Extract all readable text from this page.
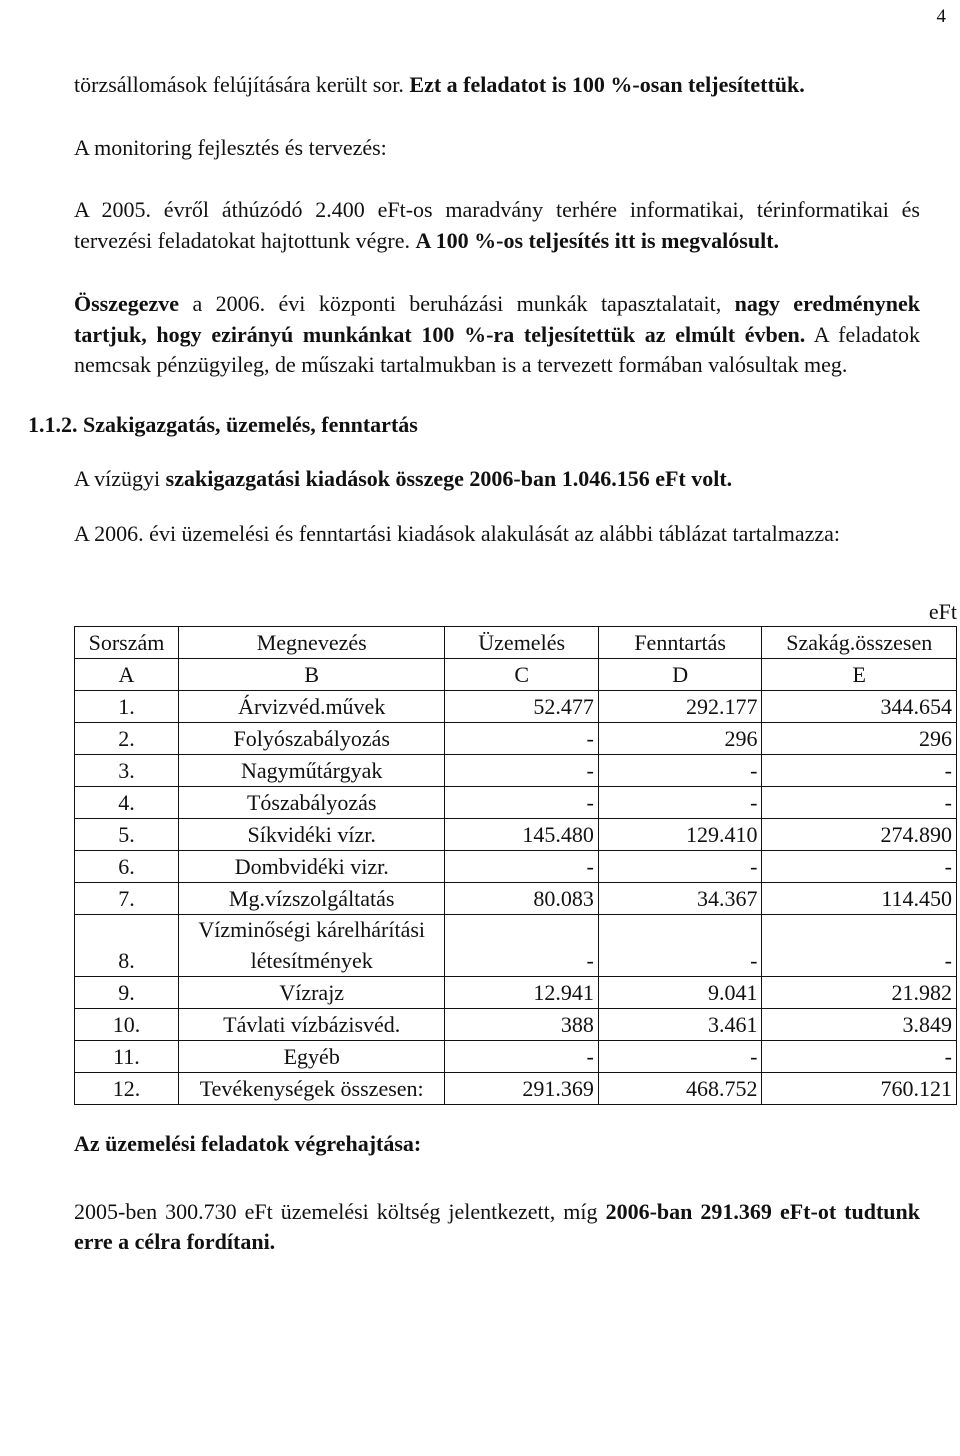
4

törzsállomások felújítására került sor. Ezt a feladatot is 100 %-osan teljesítettük.

A monitoring fejlesztés és tervezés:

A 2005. évről áthúzódó 2.400 eFt-os maradvány terhére informatikai, térinformatikai és tervezési feladatokat hajtottunk végre. A 100 %-os teljesítés itt is megvalósult.

Összegezve a 2006. évi központi beruházási munkák tapasztalatait, nagy eredménynek tartjuk, hogy ezirányú munkánkat 100 %-ra teljesítettük az elmúlt évben. A feladatok nemcsak pénzügyileg, de műszaki tartalmukban is a tervezett formában valósultak meg.

1.1.2. Szakigazgatás, üzemelés, fenntartás

A vízügyi szakigazgatási kiadások összege 2006-ban 1.046.156 eFt volt.

A 2006. évi üzemelési és fenntartási kiadások alakulását az alábbi táblázat tartalmazza:

eFt
Sorszám	Megnevezés	Üzemelés	Fenntartás	Szakág.összesen
A	B	C	D	E
1.	Árvizvéd.művek	52.477	292.177	344.654
2.	Folyószabályozás	-	296	296
3.	Nagyműtárgyak	-	-	-
4.	Tószabályozás	-	-	-
5.	Síkvidéki vízr.	145.480	129.410	274.890
6.	Dombvidéki vizr.	-	-	-
7.	Mg.vízszolgáltatás	80.083	34.367	114.450
8.	Vízminőségi kárelhárítási létesítmények	-	-	-
9.	Vízrajz	12.941	9.041	21.982
10.	Távlati vízbázisvéd.	388	3.461	3.849
11.	Egyéb	-	-	-
12.	Tevékenységek összesen:	291.369	468.752	760.121

Az üzemelési feladatok végrehajtása:

2005-ben 300.730 eFt üzemelési költség jelentkezett, míg 2006-ban 291.369 eFt-ot tudtunk erre a célra fordítani.
